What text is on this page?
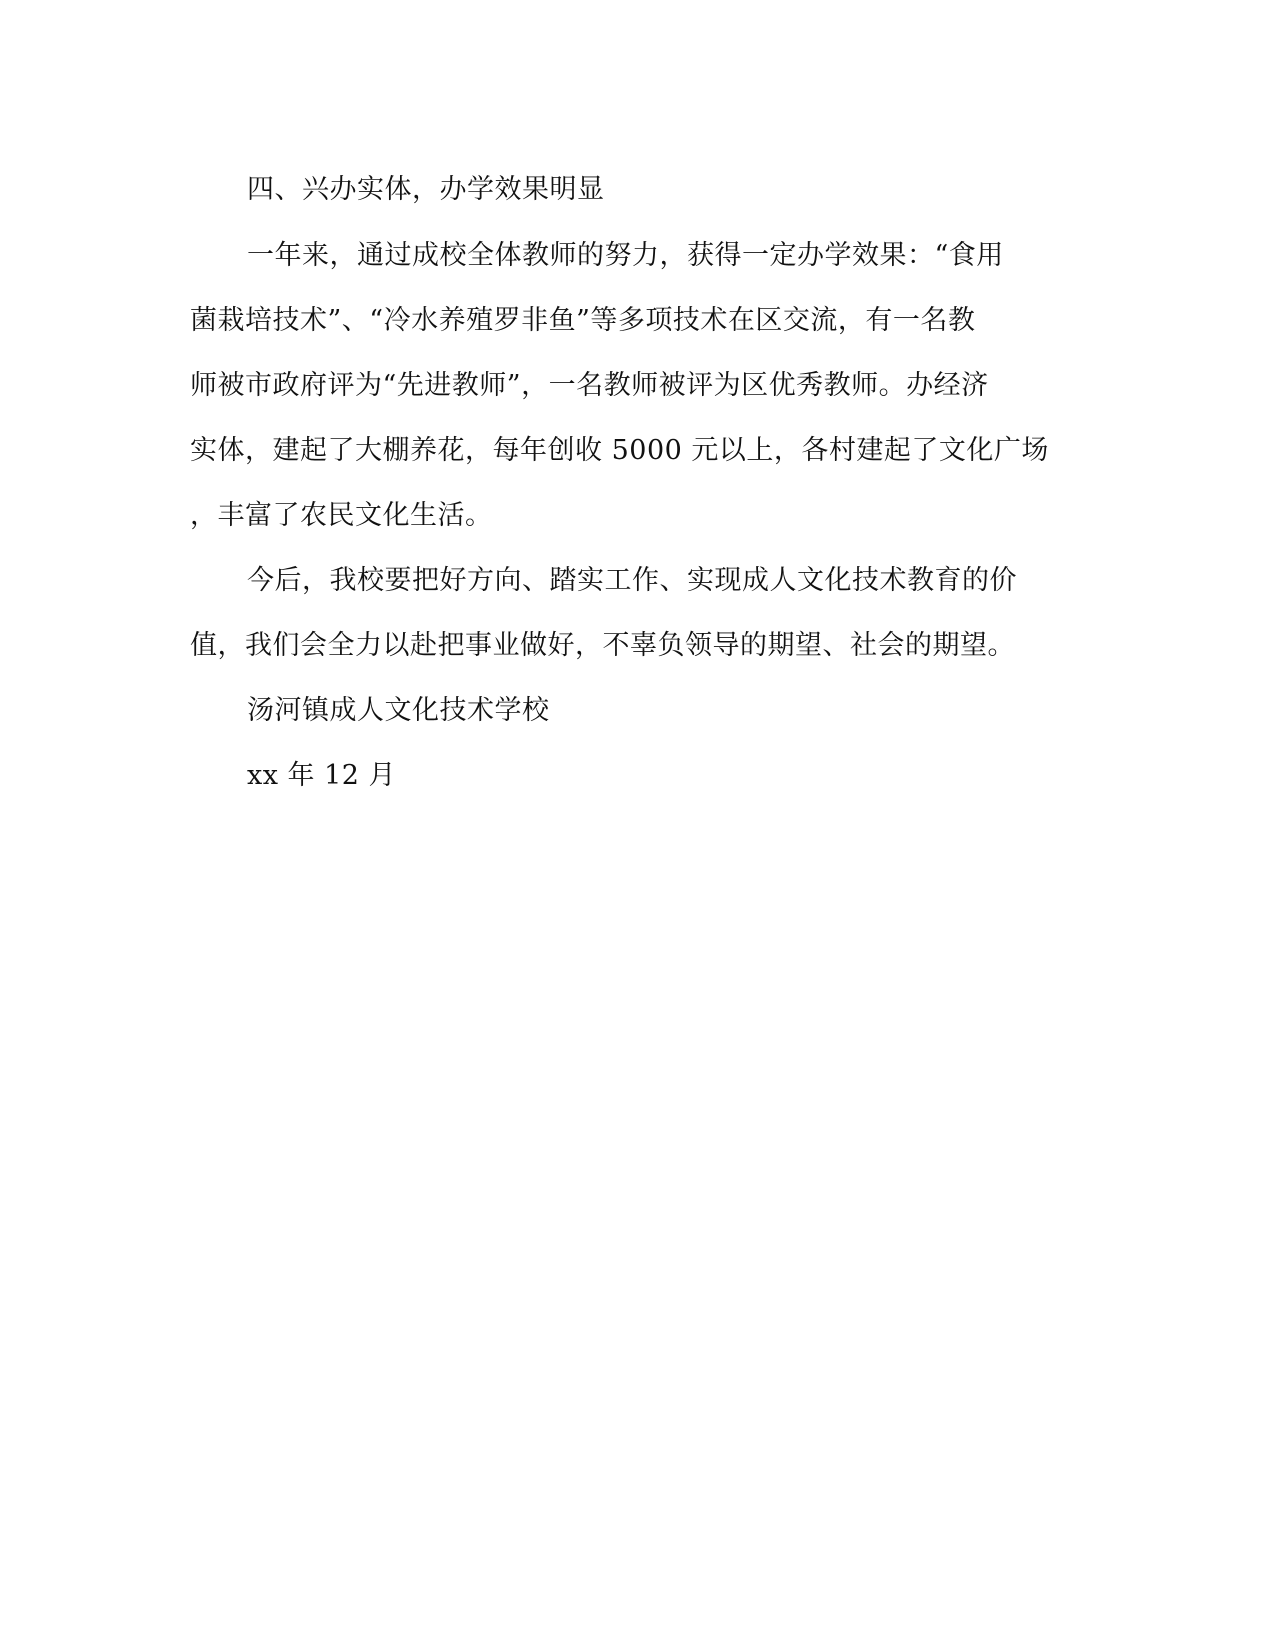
四、兴办实体，办学效果明显
一年来，通过成校全体教师的努力，获得一定办学效果：“食用
菌栽培技术”、“冷水养殖罗非鱼”等多项技术在区交流，有一名教
师被市政府评为“先进教师”，一名教师被评为区优秀教师。办经济
实体，建起了大棚养花，每年创收 5000 元以上，各村建起了文化广场
，丰富了农民文化生活。
今后，我校要把好方向、踏实工作、实现成人文化技术教育的价
值，我们会全力以赴把事业做好，不辜负领导的期望、社会的期望。
汤河镇成人文化技术学校
xx 年 12 月
